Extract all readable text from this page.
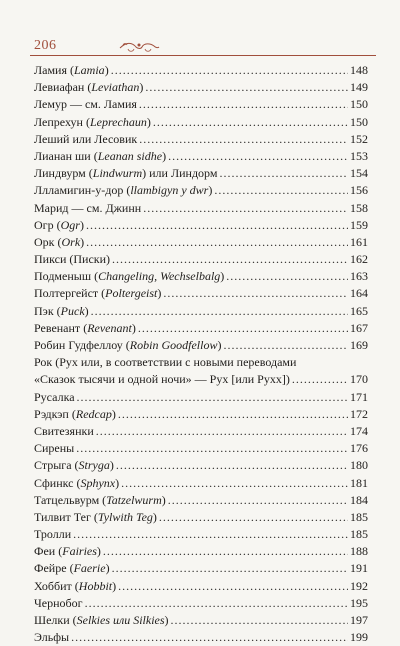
206
Ламия (Lamia) . . .	148
Левиафан (Leviathan) . . .	149
Лемур — см. Ламия . . .	150
Лепрехун (Leprechaun) . . .	150
Леший или Лесовик . . .	152
Лианан ши (Leanan sidhe) . . .	153
Линдвурм (Lindwurm) или Линдорм . . .	154
Ллламигин-у-дор (llambigyn y dwr) . . .	156
Марид — см. Джинн . . .	158
Огр (Ogr) . . .	159
Орк (Ork) . . .	161
Пикси (Писки) . . .	162
Подменыш (Changeling, Wechselbalg) . . .	163
Полтергейст (Poltergeist) . . .	164
Пэк (Puck) . . .	165
Ревенант (Revenant) . . .	167
Робин Гудфеллоу (Robin Goodfellow) . . .	169
Рок (Рух или, в соответствии с новыми переводами
«Сказок тысячи и одной ночи» — Рух [или Рухх]) . . .	170
Русалка . . .	171
Рэдкэп (Redcap) . . .	172
Свитезянки . . .	174
Сирены . . .	176
Стрыга (Stryga) . . .	180
Сфинкс (Sphynx) . . .	181
Татцельвурм (Tatzelwurm) . . .	184
Тилвит Тег (Tylwith Teg) . . .	185
Тролли . . .	185
Феи (Fairies) . . .	188
Фейре (Faerie) . . .	191
Хоббит (Hobbit) . . .	192
Чернобог . . .	195
Шелки (Selkies или Silkies) . . .	197
Эльфы . . .	199
